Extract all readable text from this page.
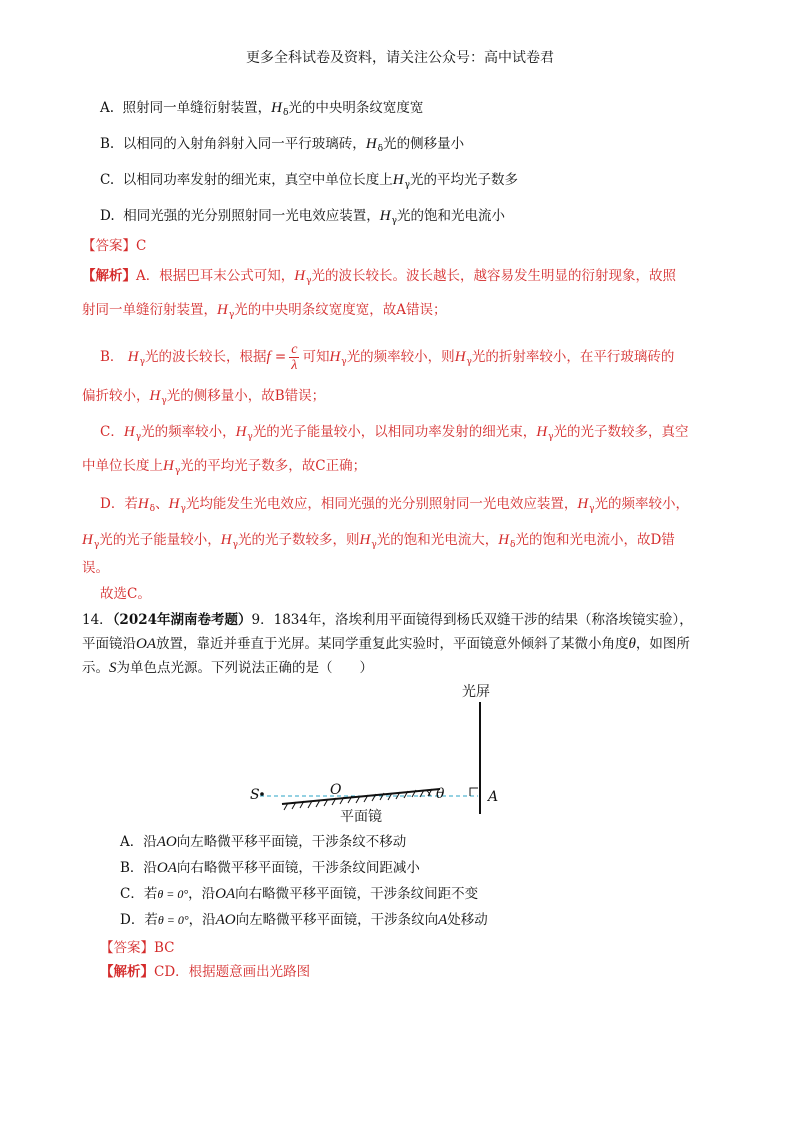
更多全科试卷及资料，请关注公众号：高中试卷君
A. 照射同一单缝衍射装置，$H_\delta$光的中央明条纹宽度宽
B. 以相同的入射角斜射入同一平行玻璃砖，$H_\delta$光的侧移量小
C. 以相同功率发射的细光束，真空中单位长度上$H_\gamma$光的平均光子数多
D. 相同光强的光分别照射同一光电效应装置，$H_\gamma$光的饱和光电流小
【答案】C
【解析】A．根据巴耳末公式可知，$H_\gamma$光的波长较长。波长越长，越容易发生明显的衍射现象，故照
射同一单缝衍射装置，$H_\gamma$光的中央明条纹宽度宽，故A错误；
B． $H_\gamma$光的波长较长，根据$f = \frac{c}{\lambda}$ 可知$H_\gamma$光的频率较小，则$H_\gamma$光的折射率较小，在平行玻璃砖的
偏折较小，$H_\gamma$光的侧移量小，故B错误；
C．$H_\gamma$光的频率较小，$H_\gamma$光的光子能量较小，以相同功率发射的细光束，$H_\gamma$光的光子数较多，真空
中单位长度上$H_\gamma$光的平均光子数多，故C正确；
D．若$H_\delta$、$H_\gamma$光均能发生光电效应，相同光强的光分别照射同一光电效应装置，$H_\gamma$光的频率较小，
$H_\gamma$光的光子能量较小，$H_\gamma$光的光子数较多，则$H_\gamma$光的饱和光电流大，$H_\delta$光的饱和光电流小，故D错
误。
故选C。
14．（2024年湖南卷考题）9．1834年，洛埃利用平面镜得到杨氏双缝干涉的结果（称洛埃镜实验），
平面镜沿OA放置，靠近并垂直于光屏。某同学重复此实验时，平面镜意外倾斜了某微小角度θ，如图所
示。S为单色点光源。下列说法正确的是（　　）
光屏
S	O	θ	A
平面镜
A．沿AO向左略微平移平面镜，干涉条纹不移动
B．沿OA向右略微平移平面镜，干涉条纹间距减小
C．若θ = 0°，沿OA向右略微平移平面镜，干涉条纹间距不变
D．若θ = 0°，沿AO向左略微平移平面镜，干涉条纹向A处移动
【答案】BC
【解析】CD．根据题意画出光路图
